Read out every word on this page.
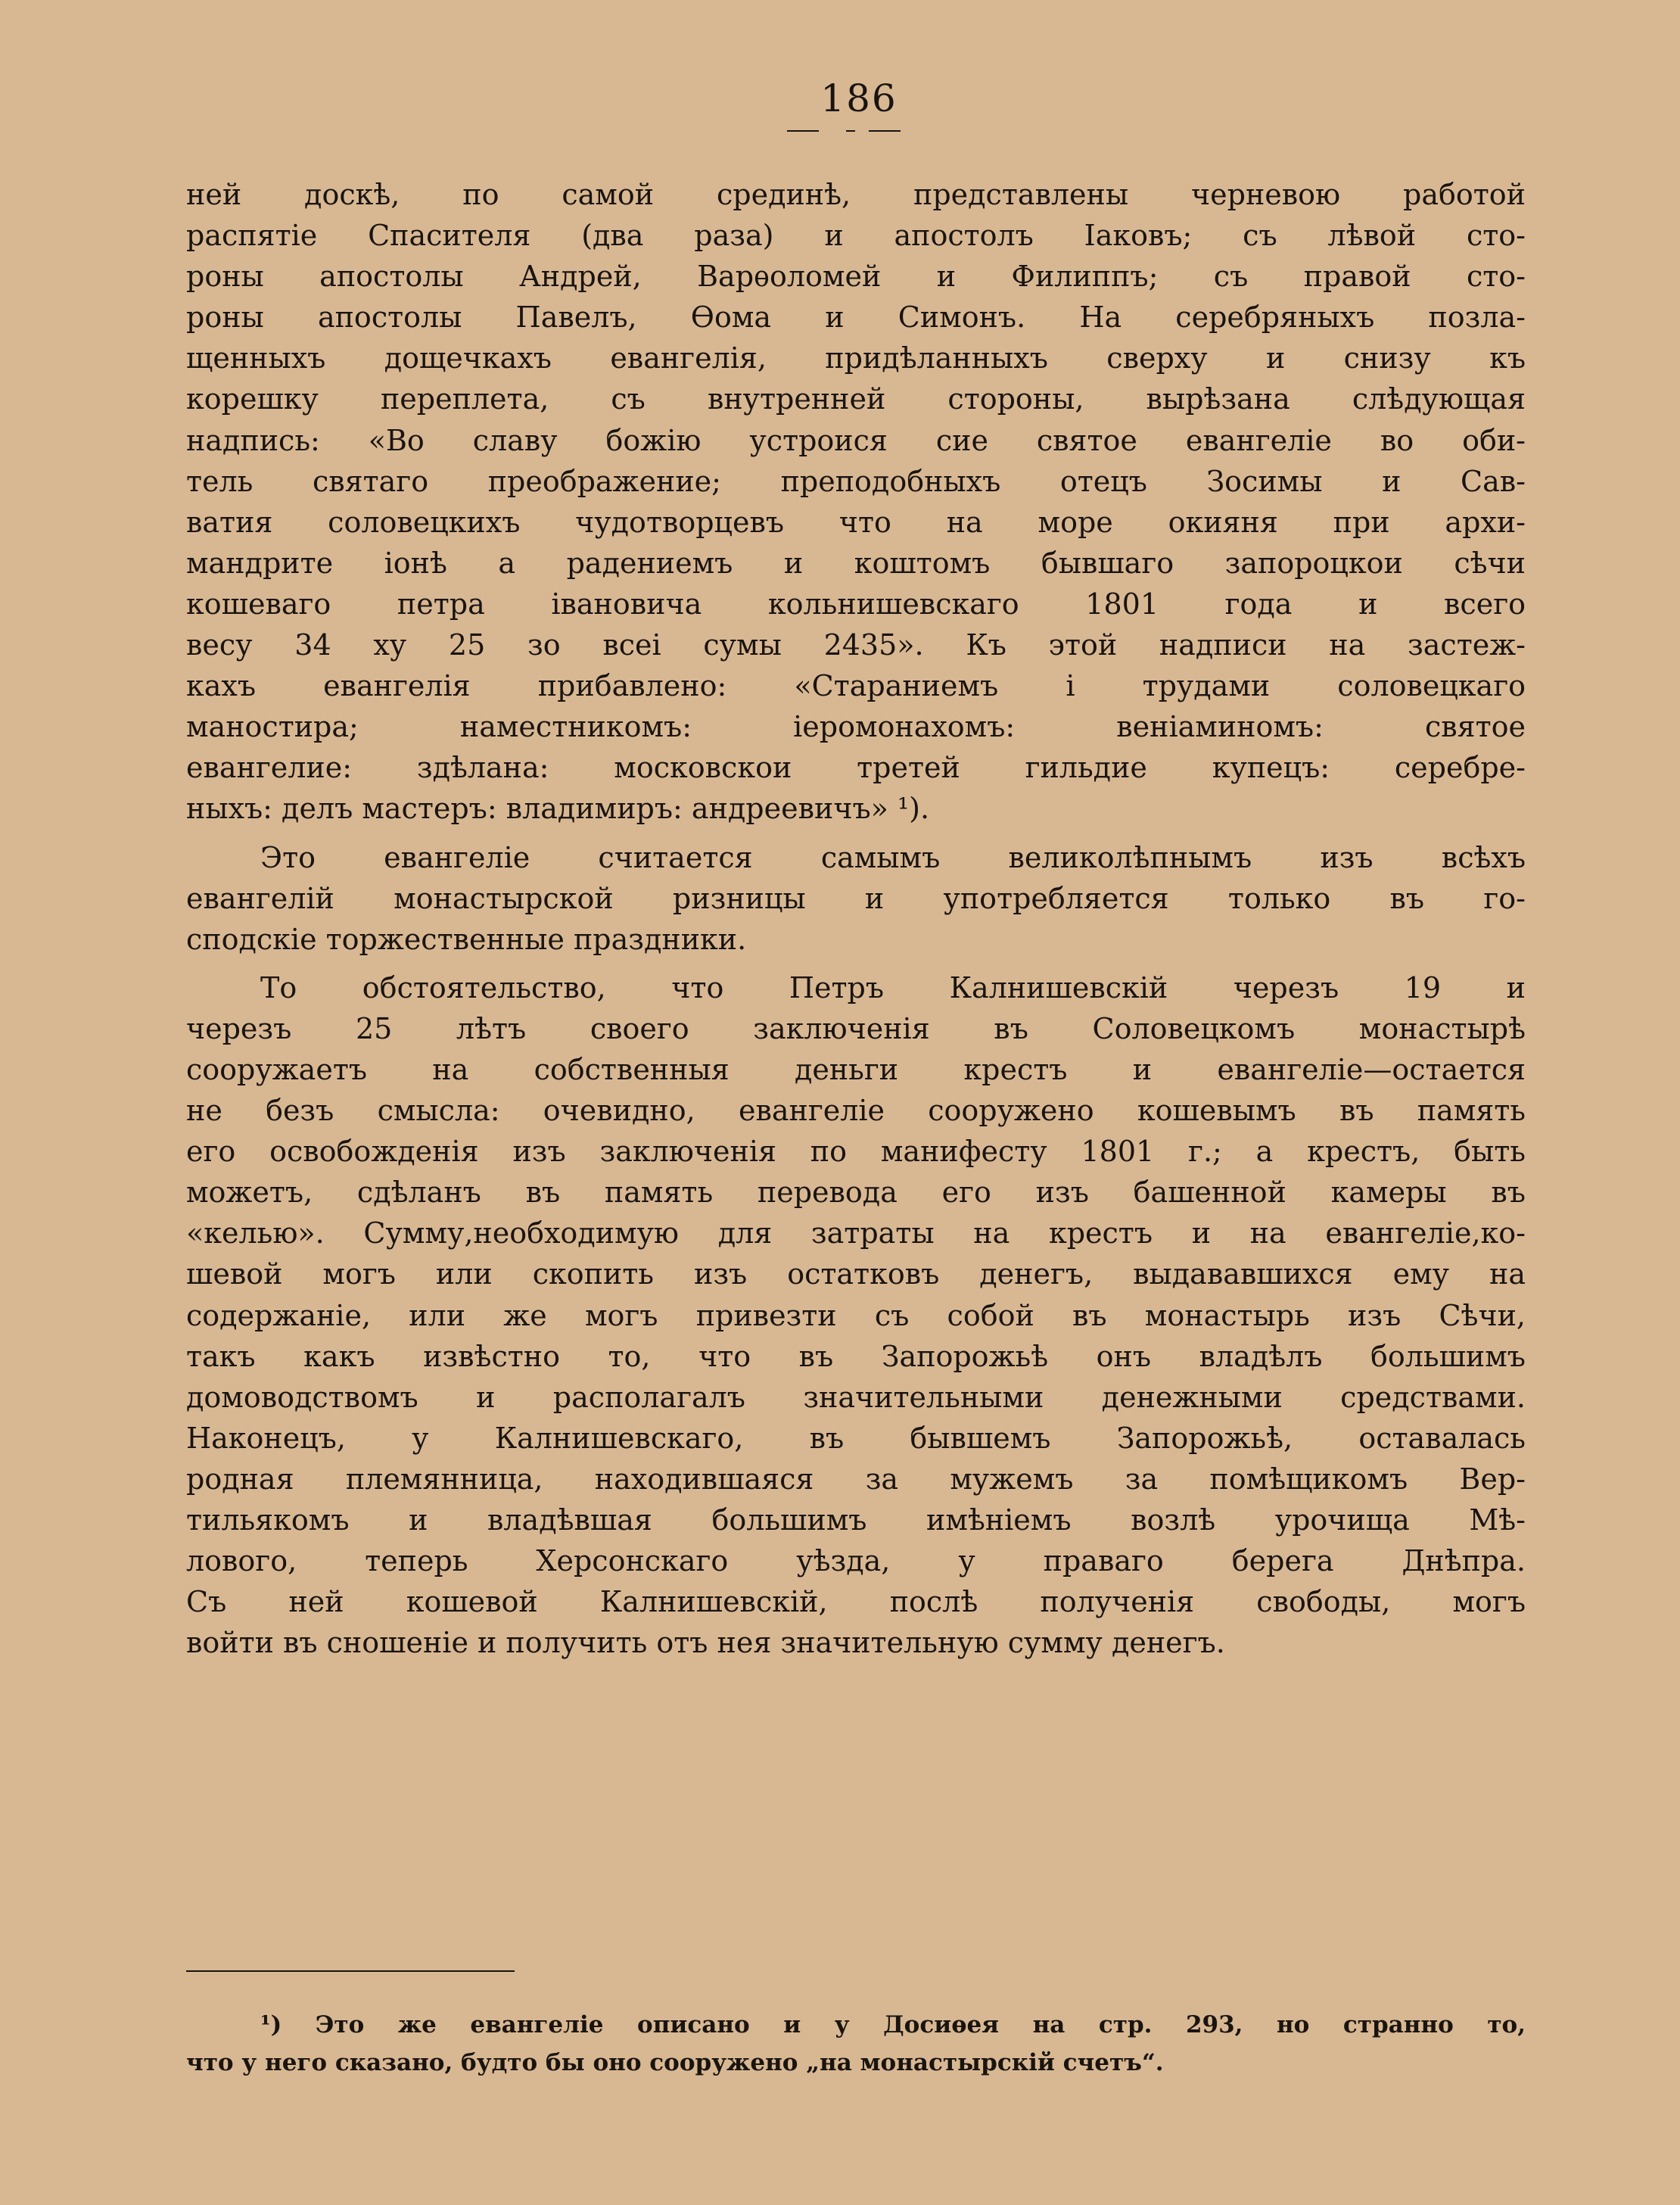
186
ней доскѣ, по самой срединѣ, представлены черневою работой
распятіе Спасителя (два раза) и апостолъ Іаковъ; съ лѣвой сто-
роны апостолы Андрей, Варѳоломей и Филиппъ; съ правой сто-
роны апостолы Павелъ, Ѳома и Симонъ. На серебряныхъ позла-
щенныхъ дощечкахъ евангелія, придѣланныхъ сверху и снизу къ
корешку переплета, съ внутренней стороны, вырѣзана слѣдующая
надпись: «Во славу божію устроися сие святое евангеліе во оби-
тель святаго преображение; преподобныхъ отецъ Зосимы и Сав-
ватия соловецкихъ чудотворцевъ что на море окияня при архи-
мандрите іонѣ а радениемъ и коштомъ бывшаго запороцкои сѣчи
кошеваго петра івановича кольнишевскаго 1801 года и всего
весу 34 ху 25 зо всеі сумы 2435». Къ этой надписи на застеж-
кахъ евангелія прибавлено: «Стараниемъ і трудами соловецкаго
маностира; наместникомъ: іеромонахомъ: веніаминомъ: святое
евангелие: здѣлана: московскои третей гильдие купецъ: серебре-
ныхъ: делъ мастеръ: владимиръ: андреевичъ» ¹).
Это евангеліе считается самымъ великолѣпнымъ изъ всѣхъ
евангелій монастырской ризницы и употребляется только въ го-
сподскіе торжественные праздники.
То обстоятельство, что Петръ Калнишевскій черезъ 19 и
черезъ 25 лѣтъ своего заключенія въ Соловецкомъ монастырѣ
сооружаетъ на собственныя деньги крестъ и евангеліе—остается
не безъ смысла: очевидно, евангеліе сооружено кошевымъ въ память
его освобожденія изъ заключенія по манифесту 1801 г.; а крестъ, быть
можетъ, сдѣланъ въ память перевода его изъ башенной камеры въ
«келью». Сумму,необходимую для затраты на крестъ и на евангеліе,ко-
шевой могъ или скопить изъ остатковъ денегъ, выдававшихся ему на
содержаніе, или же могъ привезти съ собой въ монастырь изъ Сѣчи,
такъ какъ извѣстно то, что въ Запорожьѣ онъ владѣлъ большимъ
домоводствомъ и располагалъ значительными денежными средствами.
Наконецъ, у Калнишевскаго, въ бывшемъ Запорожьѣ, оставалась
родная племянница, находившаяся за мужемъ за помѣщикомъ Вер-
тильякомъ и владѣвшая большимъ имѣніемъ возлѣ урочища Мѣ-
лового, теперь Херсонскаго уѣзда, у праваго берега Днѣпра.
Съ ней кошевой Калнишевскій, послѣ полученія свободы, могъ
войти въ сношеніе и получить отъ нея значительную сумму денегъ.
¹) Это же евангеліе описано и у Досиѳея на стр. 293, но странно то,
что у него сказано, будто бы оно сооружено „на монастырскій счетъ“.
